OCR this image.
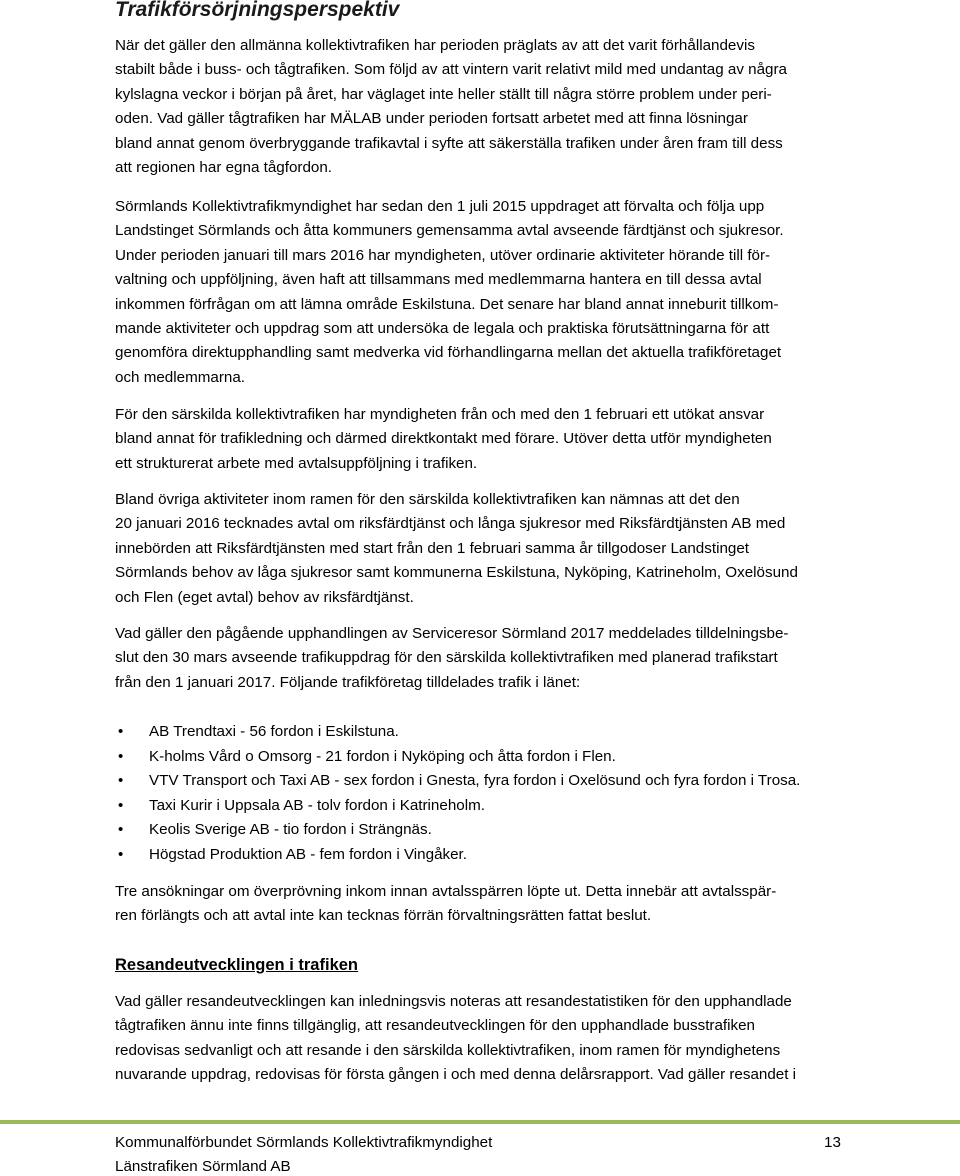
Trafikförsörjningsperspektiv
När det gäller den allmänna kollektivtrafiken har perioden präglats av att det varit förhållandevis
stabilt både i buss- och tågtrafiken. Som följd av att vintern varit relativt mild med undantag av några
kylslagna veckor i början på året, har väglaget inte heller ställt till några större problem under peri-
oden. Vad gäller tågtrafiken har MÄLAB under perioden fortsatt arbetet med att finna lösningar
bland annat genom överbryggande trafikavtal i syfte att säkerställa trafiken under åren fram till dess
att regionen har egna tågfordon.
Sörmlands Kollektivtrafikmyndighet har sedan den 1 juli 2015 uppdraget att förvalta och följa upp
Landstinget Sörmlands och åtta kommuners gemensamma avtal avseende färdtjänst och sjukresor.
Under perioden januari till mars 2016 har myndigheten, utöver ordinarie aktiviteter hörande till för-
valtning och uppföljning, även haft att tillsammans med medlemmarna hantera en till dessa avtal
inkommen förfrågan om att lämna område Eskilstuna. Det senare har bland annat inneburit tillkom-
mande aktiviteter och uppdrag som att undersöka de legala och praktiska förutsättningarna för att
genomföra direktupphandling samt medverka vid förhandlingarna mellan det aktuella trafikföretaget
och medlemmarna.
För den särskilda kollektivtrafiken har myndigheten från och med den 1 februari ett utökat ansvar
bland annat för trafikledning och därmed direktkontakt med förare. Utöver detta utför myndigheten
ett strukturerat arbete med avtalsuppföljning i trafiken.
Bland övriga aktiviteter inom ramen för den särskilda kollektivtrafiken kan nämnas att det den
20 januari 2016 tecknades avtal om riksfärdtjänst och långa sjukresor med Riksfärdtjänsten AB med
innebörden att Riksfärdtjänsten med start från den 1 februari samma år tillgodoser Landstinget
Sörmlands behov av låga sjukresor samt kommunerna Eskilstuna, Nyköping, Katrineholm, Oxelösund
och Flen (eget avtal) behov av riksfärdtjänst.
Vad gäller den pågående upphandlingen av Serviceresor Sörmland 2017 meddelades tilldelningsbe-
slut den 30 mars avseende trafikuppdrag för den särskilda kollektivtrafiken med planerad trafikstart
från den 1 januari 2017. Följande trafikföretag tilldelades trafik i länet:
• AB Trendtaxi - 56 fordon i Eskilstuna.
• K-holms Vård o Omsorg - 21 fordon i Nyköping och åtta fordon i Flen.
• VTV Transport och Taxi AB - sex fordon i Gnesta, fyra fordon i Oxelösund och fyra fordon i Trosa.
• Taxi Kurir i Uppsala AB - tolv fordon i Katrineholm.
• Keolis Sverige AB - tio fordon i Strängnäs.
• Högstad Produktion AB - fem fordon i Vingåker.
Tre ansökningar om överprövning inkom innan avtalsspärren löpte ut. Detta innebär att avtalsspär-
ren förlängts och att avtal inte kan tecknas förrän förvaltningsrätten fattat beslut.
Resandeutvecklingen i trafiken
Vad gäller resandeutvecklingen kan inledningsvis noteras att resandestatistiken för den upphandlade
tågtrafiken ännu inte finns tillgänglig, att resandeutvecklingen för den upphandlade busstrafiken
redovisas sedvanligt och att resande i den särskilda kollektivtrafiken, inom ramen för myndighetens
nuvarande uppdrag, redovisas för första gången i och med denna delårsrapport. Vad gäller resandet i
Kommunalförbundet Sörmlands Kollektivtrafikmyndighet	13
Länstrafiken Sörmland AB
